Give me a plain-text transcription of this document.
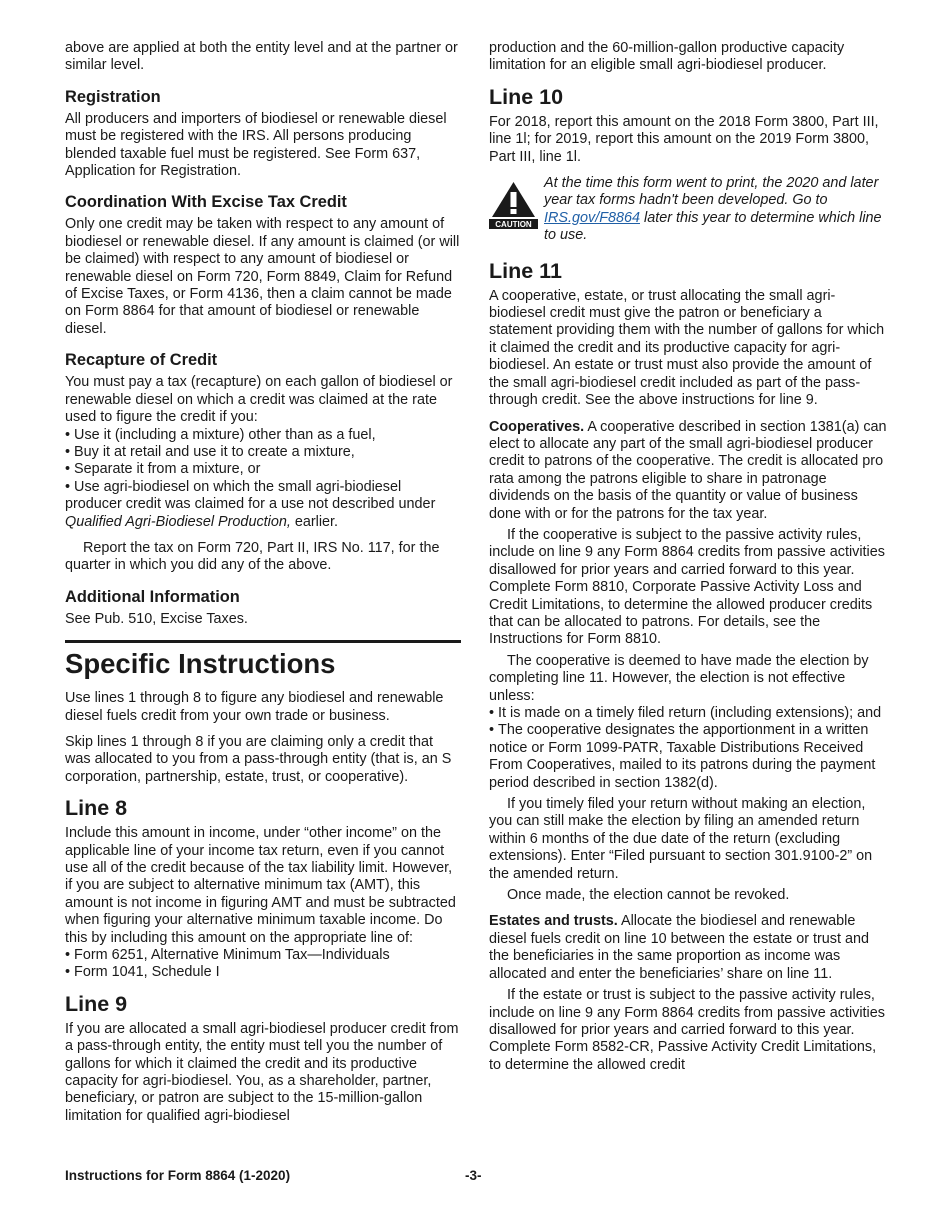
above are applied at both the entity level and at the partner or similar level.

Registration

All producers and importers of biodiesel or renewable diesel must be registered with the IRS. All persons producing blended taxable fuel must be registered. See Form 637, Application for Registration.

Coordination With Excise Tax Credit

Only one credit may be taken with respect to any amount of biodiesel or renewable diesel. If any amount is claimed (or will be claimed) with respect to any amount of biodiesel or renewable diesel on Form 720, Form 8849, Claim for Refund of Excise Taxes, or Form 4136, then a claim cannot be made on Form 8864 for that amount of biodiesel or renewable diesel.

Recapture of Credit

You must pay a tax (recapture) on each gallon of biodiesel or renewable diesel on which a credit was claimed at the rate used to figure the credit if you:

• Use it (including a mixture) other than as a fuel,

• Buy it at retail and use it to create a mixture,

• Separate it from a mixture, or

• Use agri-biodiesel on which the small agri-biodiesel producer credit was claimed for a use not described under Qualified Agri-Biodiesel Production, earlier.

Report the tax on Form 720, Part II, IRS No. 117, for the quarter in which you did any of the above.

Additional Information

See Pub. 510, Excise Taxes.

Specific Instructions

Use lines 1 through 8 to figure any biodiesel and renewable diesel fuels credit from your own trade or business.

Skip lines 1 through 8 if you are claiming only a credit that was allocated to you from a pass-through entity (that is, an S corporation, partnership, estate, trust, or cooperative).

Line 8

Include this amount in income, under “other income” on the applicable line of your income tax return, even if you cannot use all of the credit because of the tax liability limit. However, if you are subject to alternative minimum tax (AMT), this amount is not income in figuring AMT and must be subtracted when figuring your alternative minimum taxable income. Do this by including this amount on the appropriate line of:

• Form 6251, Alternative Minimum Tax—Individuals

• Form 1041, Schedule I

Line 9

If you are allocated a small agri-biodiesel producer credit from a pass-through entity, the entity must tell you the number of gallons for which it claimed the credit and its productive capacity for agri-biodiesel. You, as a shareholder, partner, beneficiary, or patron are subject to the 15-million-gallon limitation for qualified agri-biodiesel

production and the 60-million-gallon productive capacity limitation for an eligible small agri-biodiesel producer.

Line 10

For 2018, report this amount on the 2018 Form 3800, Part III, line 1l; for 2019, report this amount on the 2019 Form 3800, Part III, line 1l.

CAUTION

At the time this form went to print, the 2020 and later year tax forms hadn't been developed. Go to IRS.gov/F8864 later this year to determine which line to use.

Line 11

A cooperative, estate, or trust allocating the small agri-biodiesel credit must give the patron or beneficiary a statement providing them with the number of gallons for which it claimed the credit and its productive capacity for agri-biodiesel. An estate or trust must also provide the amount of the small agri-biodiesel credit included as part of the pass-through credit. See the above instructions for line 9.

Cooperatives. A cooperative described in section 1381(a) can elect to allocate any part of the small agri-biodiesel producer credit to patrons of the cooperative. The credit is allocated pro rata among the patrons eligible to share in patronage dividends on the basis of the quantity or value of business done with or for the patrons for the tax year.

If the cooperative is subject to the passive activity rules, include on line 9 any Form 8864 credits from passive activities disallowed for prior years and carried forward to this year. Complete Form 8810, Corporate Passive Activity Loss and Credit Limitations, to determine the allowed producer credits that can be allocated to patrons. For details, see the Instructions for Form 8810.

The cooperative is deemed to have made the election by completing line 11. However, the election is not effective unless:

• It is made on a timely filed return (including extensions); and

• The cooperative designates the apportionment in a written notice or Form 1099-PATR, Taxable Distributions Received From Cooperatives, mailed to its patrons during the payment period described in section 1382(d).

If you timely filed your return without making an election, you can still make the election by filing an amended return within 6 months of the due date of the return (excluding extensions). Enter “Filed pursuant to section 301.9100-2” on the amended return.

Once made, the election cannot be revoked.

Estates and trusts. Allocate the biodiesel and renewable diesel fuels credit on line 10 between the estate or trust and the beneficiaries in the same proportion as income was allocated and enter the beneficiaries’ share on line 11.

If the estate or trust is subject to the passive activity rules, include on line 9 any Form 8864 credits from passive activities disallowed for prior years and carried forward to this year. Complete Form 8582-CR, Passive Activity Credit Limitations, to determine the allowed credit

Instructions for Form 8864 (1-2020)	-3-
